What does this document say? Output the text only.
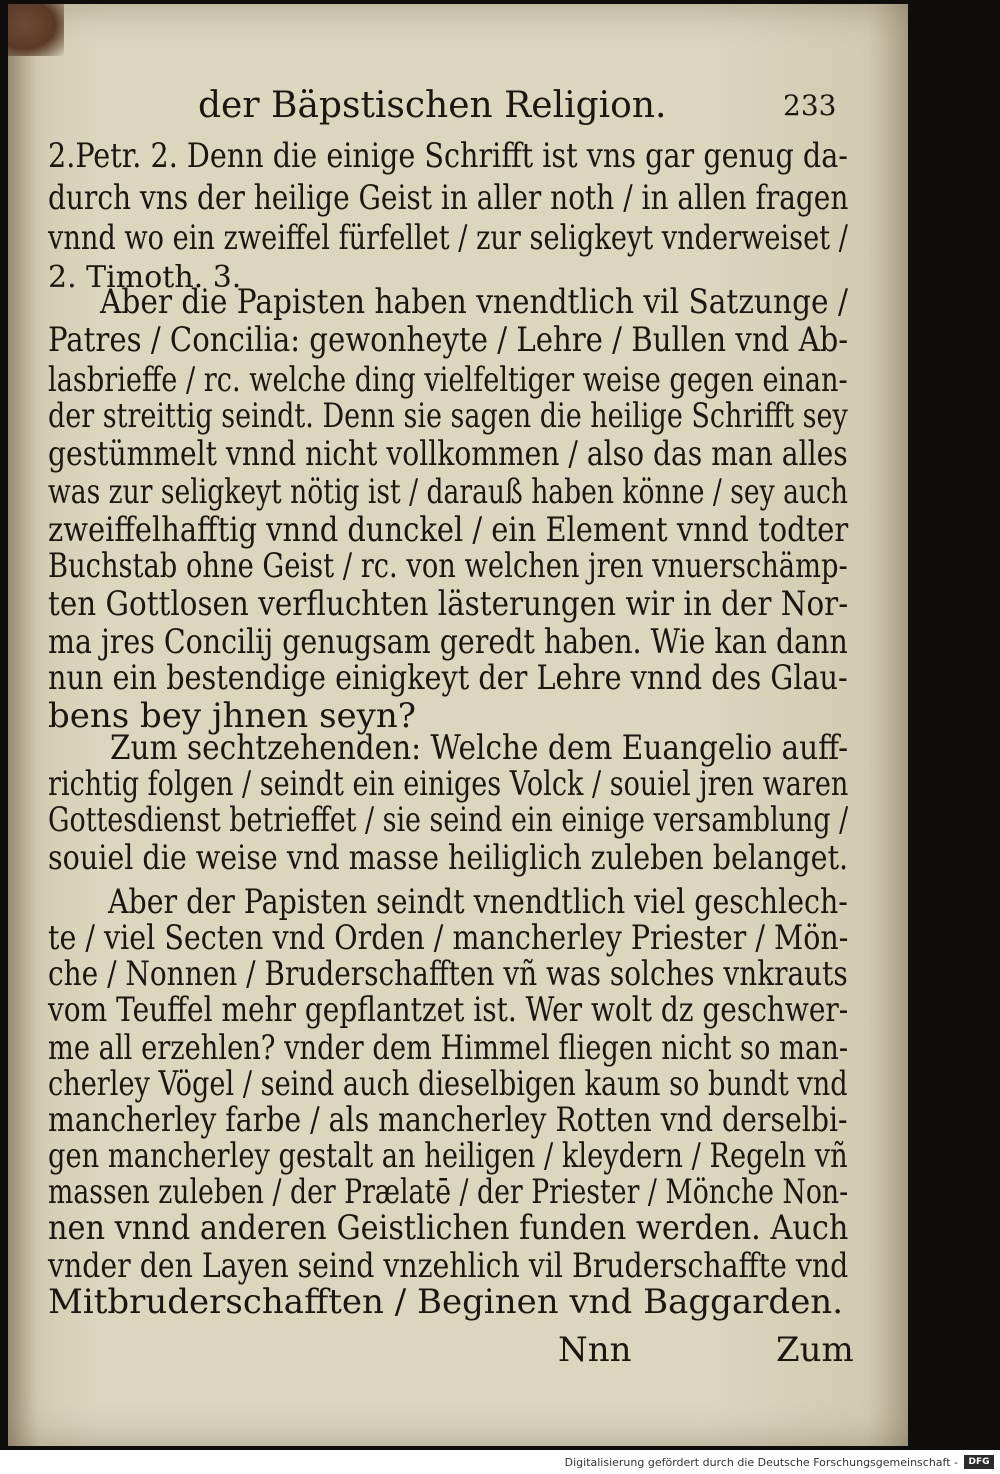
der Bäpstischen Religion.	233
2.Petr. 2. Denn die einige Schrifft ist vns gar genug da-
durch vns der heilige Geist in aller noth / in allen fragen
vnnd wo ein zweiffel fürfellet / zur seligkeyt vnderweiset /
2. Timoth. 3.
Aber die Papisten haben vnendtlich vil Satzunge /
Patres / Concilia: gewonheyte / Lehre / Bullen vnd Ab-
lasbrieffe / rc. welche ding vielfeltiger weise gegen einan-
der streittig seindt. Denn sie sagen die heilige Schrifft sey
gestümmelt vnnd nicht vollkommen / also das man alles
was zur seligkeyt nötig ist / darauß haben könne / sey auch
zweiffelhafftig vnnd dunckel / ein Element vnnd todter
Buchstab ohne Geist / rc. von welchen jren vnuerschämp-
ten Gottlosen verfluchten lästerungen wir in der Nor-
ma jres Concilij genugsam geredt haben. Wie kan dann
nun ein bestendige einigkeyt der Lehre vnnd des Glau-
bens bey jhnen seyn?
Zum sechtzehenden: Welche dem Euangelio auff-
richtig folgen / seindt ein einiges Volck / souiel jren waren
Gottesdienst betrieffet / sie seind ein einige versamblung /
souiel die weise vnd masse heiliglich zuleben belanget.
Aber der Papisten seindt vnendtlich viel geschlech-
te / viel Secten vnd Orden / mancherley Priester / Mön-
che / Nonnen / Bruderschafften vñ was solches vnkrauts
vom Teuffel mehr gepflantzet ist. Wer wolt dz geschwer-
me all erzehlen? vnder dem Himmel fliegen nicht so man-
cherley Vögel / seind auch dieselbigen kaum so bundt vnd
mancherley farbe / als mancherley Rotten vnd derselbi-
gen mancherley gestalt an heiligen / kleydern / Regeln vñ
massen zuleben / der Prælatē / der Priester / Mönche Non-
nen vnnd anderen Geistlichen funden werden. Auch
vnder den Layen seind vnzehlich vil Bruderschaffte vnd
Mitbruderschafften / Beginen vnd Baggarden.
Nnn	Zum
Digitalisierung gefördert durch die Deutsche Forschungsgemeinschaft -	DFG
